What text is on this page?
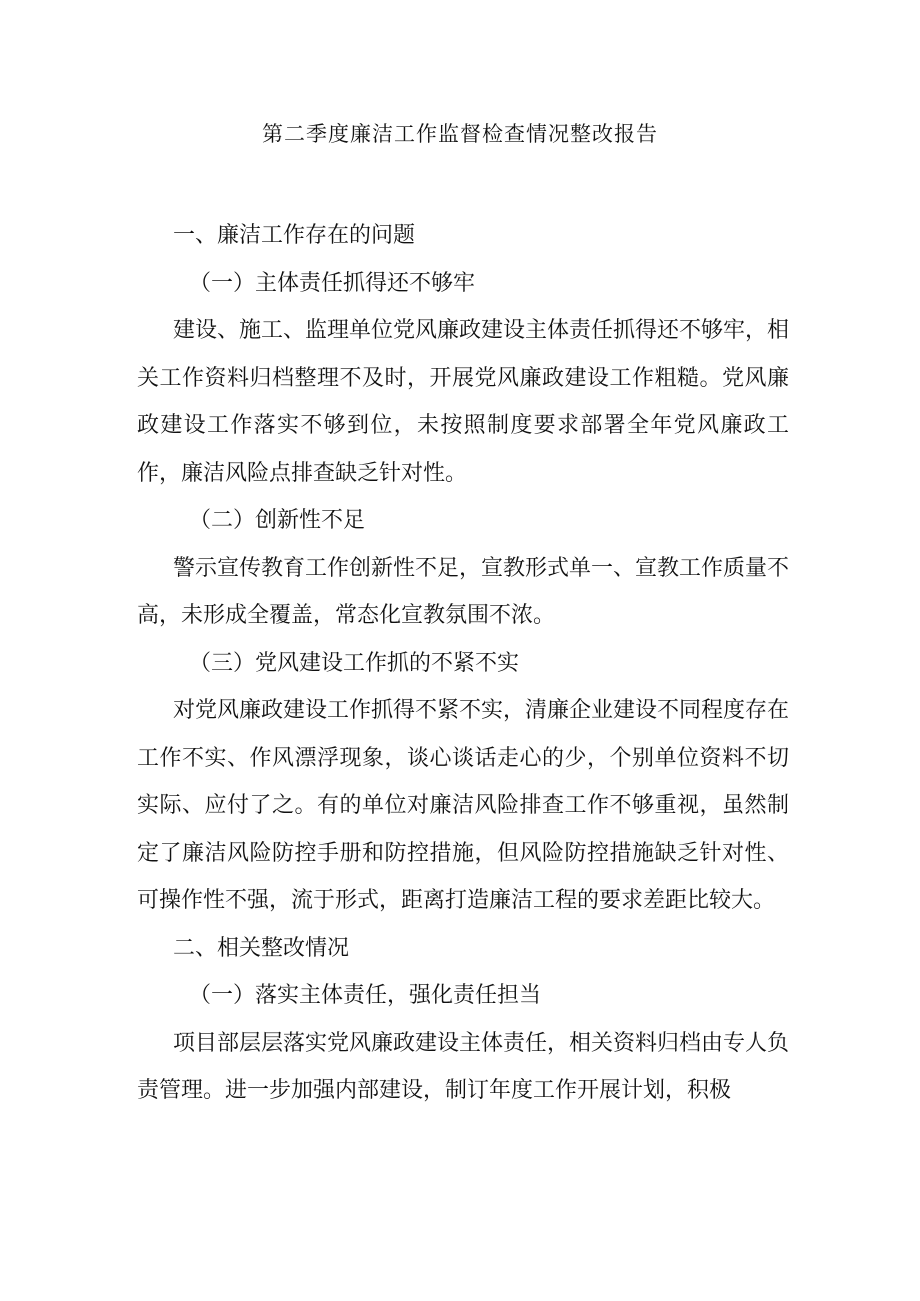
第二季度廉洁工作监督检查情况整改报告

一、廉洁工作存在的问题

（一）主体责任抓得还不够牢

建设、施工、监理单位党风廉政建设主体责任抓得还不够牢，相关工作资料归档整理不及时，开展党风廉政建设工作粗糙。党风廉政建设工作落实不够到位，未按照制度要求部署全年党风廉政工作，廉洁风险点排查缺乏针对性。

（二）创新性不足

警示宣传教育工作创新性不足，宣教形式单一、宣教工作质量不高，未形成全覆盖，常态化宣教氛围不浓。

（三）党风建设工作抓的不紧不实

对党风廉政建设工作抓得不紧不实，清廉企业建设不同程度存在工作不实、作风漂浮现象，谈心谈话走心的少，个别单位资料不切实际、应付了之。有的单位对廉洁风险排查工作不够重视，虽然制定了廉洁风险防控手册和防控措施，但风险防控措施缺乏针对性、可操作性不强，流于形式，距离打造廉洁工程的要求差距比较大。

二、相关整改情况

（一）落实主体责任，强化责任担当

项目部层层落实党风廉政建设主体责任，相关资料归档由专人负责管理。进一步加强内部建设，制订年度工作开展计划，积极
